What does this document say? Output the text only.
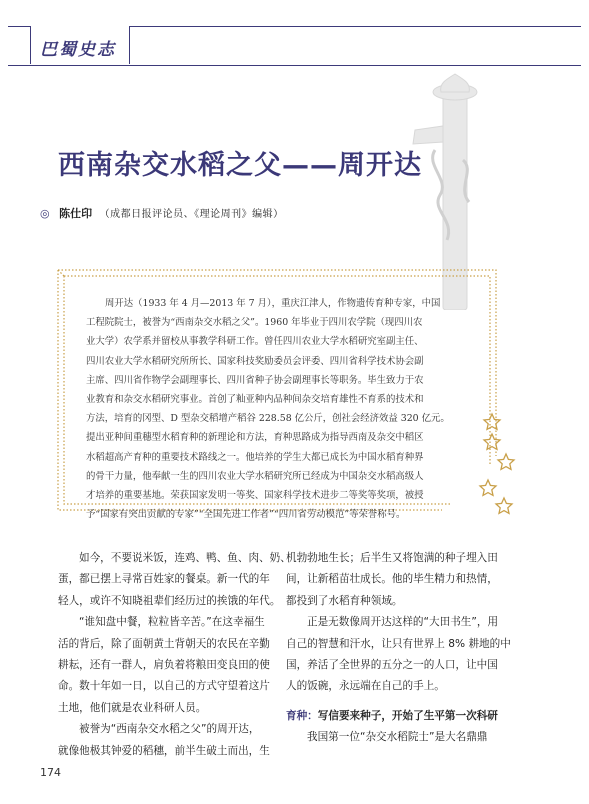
巴蜀史志
西南杂交水稻之父——周开达
◎ 陈仕印 （成都日报评论员、《理论周刊》编辑）
周开达（1933 年 4 月—2013 年 7 月），重庆江津人，作物遗传育种专家，中国
工程院院士，被誉为“西南杂交水稻之父”。1960 年毕业于四川农学院（现四川农
业大学）农学系并留校从事教学科研工作。曾任四川农业大学水稻研究室副主任、
四川农业大学水稻研究所所长、国家科技奖励委员会评委、四川省科学技术协会副
主席、四川省作物学会副理事长、四川省种子协会副理事长等职务。毕生致力于农
业教育和杂交水稻研究事业。首创了籼亚种内品种间杂交培育雄性不育系的技术和
方法，培育的冈型、D 型杂交稻增产稻谷 228.58 亿公斤，创社会经济效益 320 亿元。
提出亚种间重穗型水稻育种的新理论和方法，育种思路成为指导西南及杂交中稻区
水稻超高产育种的重要技术路线之一。他培养的学生大都已成长为中国水稻育种界
的骨干力量，他奉献一生的四川农业大学水稻研究所已经成为中国杂交水稻高级人
才培养的重要基地。荣获国家发明一等奖、国家科学技术进步二等奖等奖项，被授
予“国家有突出贡献的专家”“全国先进工作者”“四川省劳动模范”等荣誉称号。
如今，不要说米饭，连鸡、鸭、鱼、肉、奶、
蛋，都已摆上寻常百姓家的餐桌。新一代的年
轻人，或许不知晓祖辈们经历过的挨饿的年代。
“谁知盘中餐，粒粒皆辛苦。”在这幸福生
活的背后，除了面朝黄土背朝天的农民在辛勤
耕耘，还有一群人，肩负着将粮田变良田的使
命。数十年如一日，以自己的方式守望着这片
土地，他们就是农业科研人员。
被誉为“西南杂交水稻之父”的周开达，
就像他极其钟爱的稻穗，前半生破土而出，生
机勃勃地生长；后半生又将饱满的种子埋入田
间，让新稻苗壮成长。他的毕生精力和热情，
都投到了水稻育种领域。
正是无数像周开达这样的“大田书生”，用
自己的智慧和汗水，让只有世界上 8% 耕地的中
国，养活了全世界的五分之一的人口，让中国
人的饭碗，永远端在自己的手上。
育种：写信要来种子，开始了生平第一次科研
我国第一位“杂交水稻院士”是大名鼎鼎
174
